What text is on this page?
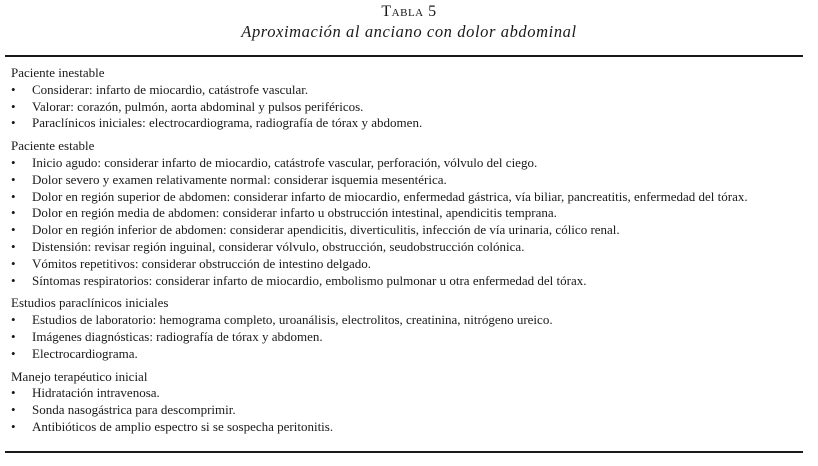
Tabla 5
Aproximación al anciano con dolor abdominal
Paciente inestable
• Considerar: infarto de miocardio, catástrofe vascular.
• Valorar: corazón, pulmón, aorta abdominal y pulsos periféricos.
• Paraclínicos iniciales: electrocardiograma, radiografía de tórax y abdomen.
Paciente estable
• Inicio agudo: considerar infarto de miocardio, catástrofe vascular, perforación, vólvulo del ciego.
• Dolor severo y examen relativamente normal: considerar isquemia mesentérica.
• Dolor en región superior de abdomen: considerar infarto de miocardio, enfermedad gástrica, vía biliar, pancreatitis, enfermedad del tórax.
• Dolor en región media de abdomen: considerar infarto u obstrucción intestinal, apendicitis temprana.
• Dolor en región inferior de abdomen: considerar apendicitis, diverticulitis, infección de vía urinaria, cólico renal.
• Distensión: revisar región inguinal, considerar vólvulo, obstrucción, seudobstrucción colónica.
• Vómitos repetitivos: considerar obstrucción de intestino delgado.
• Síntomas respiratorios: considerar infarto de miocardio, embolismo pulmonar u otra enfermedad del tórax.
Estudios paraclínicos iniciales
• Estudios de laboratorio: hemograma completo, uroanálisis, electrolitos, creatinina, nitrógeno ureico.
• Imágenes diagnósticas: radiografía de tórax y abdomen.
• Electrocardiograma.
Manejo terapéutico inicial
• Hidratación intravenosa.
• Sonda nasogástrica para descomprimir.
• Antibióticos de amplio espectro si se sospecha peritonitis.
